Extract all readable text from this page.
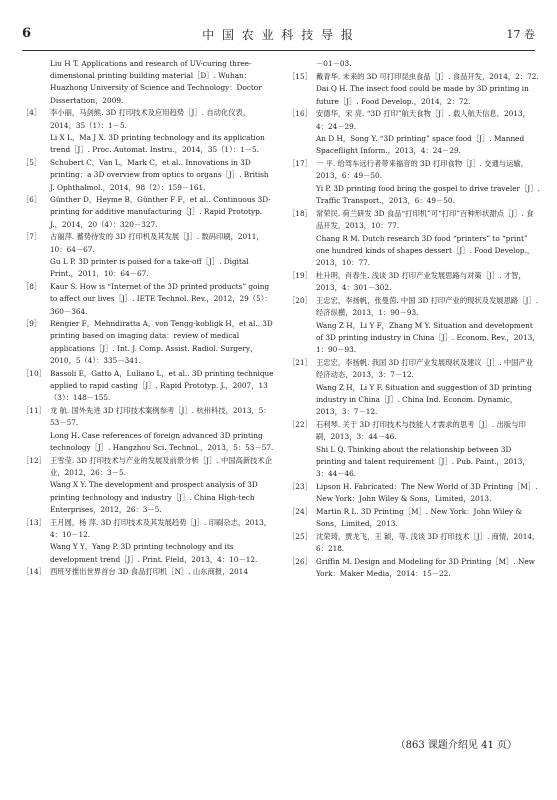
6	中 国 农 业 科 技 导 报	17 卷
Liu H T. Applications and research of UV-curing three-dimensional printing building material［D］. Wuhan：Huazhong University of Science and Technology：Doctor Dissertation，2009.
［4］ 李小丽，马剑熊. 3D 打印技术及应用趋势［J］. 自动化仪表，2014，35（1）：1－5.
Li X L，Ma J X. 3D printing technology and its application trend［J］. Proc. Automat. Instru.，2014，35（1）：1－5.
［5］ Schubert C，Van L，Mark C，et al.. Innovations in 3D printing：a 3D overview from optics to organs［J］. British J. Ophthalmol.，2014，98（2）：159－161.
［6］ Günther D，Heyme B，Günther F F，et al.. Continuous 3D-printing for additive manufacturing［J］. Rapid Prototyp. J.，2014，20（4）：320－327.
［7］ 古丽萍. 蓄势待发的 3D 打印机及其发展［J］. 数码印刷，2011，10：64－67.
Gu L P. 3D printer is poised for a take-off［J］. Digital Print.，2011，10：64－67.
［8］ Kaur S. How is “Internet of the 3D printed products” going to affect our lives［J］. IETE Technol. Rev.，2012，29（5）：360－364.
［9］ Rengier F，Mehndiratta A，von Tengg-kobligk H，et al.. 3D printing based on imaging data：review of medical applications［J］. Int. J. Comp. Assist. Radiol. Surgery，2010，5（4）：335－341.
［10］ Bassoli E，Gatto A，Luliano L，et al.. 3D printing technique applied to rapid casting［J］. Rapid Prototyp. J.，2007，13（3）：148－155.
［11］ 龙 航. 国外先进 3D 打印技术案例参考［J］. 杭州科技，2013，5：53－57.
Long H. Case references of foreign advanced 3D printing technology［J］. Hangzhou Sci. Technol.，2013，5：53－57.
［12］ 王雪莹. 3D 打印技术与产业的发展及前景分析［J］. 中国高新技术企业，2012，26：3－5.
Wang X Y. The development and prospect analysis of 3D printing technology and industry［J］. China High-tech Enterprises，2012，26：3－5.
［13］ 王月圆，杨 萍. 3D 打印技术及其发展趋势［J］. 印刷杂志，2013，4：10－12.
Wang Y Y，Yang P. 3D printing technology and its development trend［J］. Print. Field，2013，4：10－12.
［14］ 西班牙推出世界首台 3D 食品打印机［N］. 山东商报，2014
－01－03.
［15］ 戴青华. 未来的 3D 可打印昆虫食品［J］. 食品开发，2014，2：72.
Dai Q H. The insect food could be made by 3D printing in future［J］. Food Develop.，2014，2：72.
［16］ 安德华，宋 亮. “3D 打印”航天食物［J］. 载人航天信息，2013，4：24－29.
An D H，Song Y. “3D printing” space food［J］. Manned Spaceflight Inform.，2013，4：24－29.
［17］ 一 平. 给驾车远行者带来福音的 3D 打印食物［J］. 交通与运输，2013，6：49－50.
Yi P. 3D printing food bring the gospel to drive traveler［J］. Traffic Transport.，2013，6：49－50.
［18］ 常荣民. 荷兰研发 3D 食品“打印机”可“打印”百种形状甜点［J］. 食品开发，2013，10：77.
Chang R M. Dutch research 3D food “printers” to “print” one hundred kinds of shapes dessert［J］. Food Develop.，2013，10：77.
［19］ 杜升明，肖春生. 浅谈 3D 打印产业发展思路与对策［J］. 才智，2013，4：301－302.
［20］ 王忠宏，李扬帆，张曼茵. 中国 3D 打印产业的现状及发展思路［J］. 经济纵横，2013，1：90－93.
Wang Z H，Li Y F，Zhang M Y. Situation and development of 3D printing industry in China［J］. Econom. Rev.，2013，1：90－93.
［21］ 王忠宏，李扬帆. 我国 3D 打印产业发展现状及建议［J］. 中国产业经济动态，2013，3：7－12.
Wang Z H，Li Y F. Situation and suggestion of 3D printing industry in China［J］. China Ind. Econom. Dynamic，2013，3：7－12.
［22］ 石利琴. 关于 3D 打印技术与技能人才需求的思考［J］. 出版与印刷，2013，3：44－46.
Shi L Q. Thinking about the relationship between 3D printing and talent requirement［J］. Pub. Paint.，2013，3：44－46.
［23］ Lipson H. Fabricated：The New World of 3D Printing［M］. New York：John Wiley & Sons，Limited，2013.
［24］ Martin R L. 3D Printing［M］. New York：John Wiley & Sons，Limited，2013.
［25］ 沈荣琦，贾龙飞，王 颖，等. 浅谈 3D 打印技术［J］. 商情，2014，6：218.
［26］ Griffin M. Design and Modeling for 3D Printing［M］. New York：Maker Media，2014：15－22.
（863 课题介绍见 41 页）
